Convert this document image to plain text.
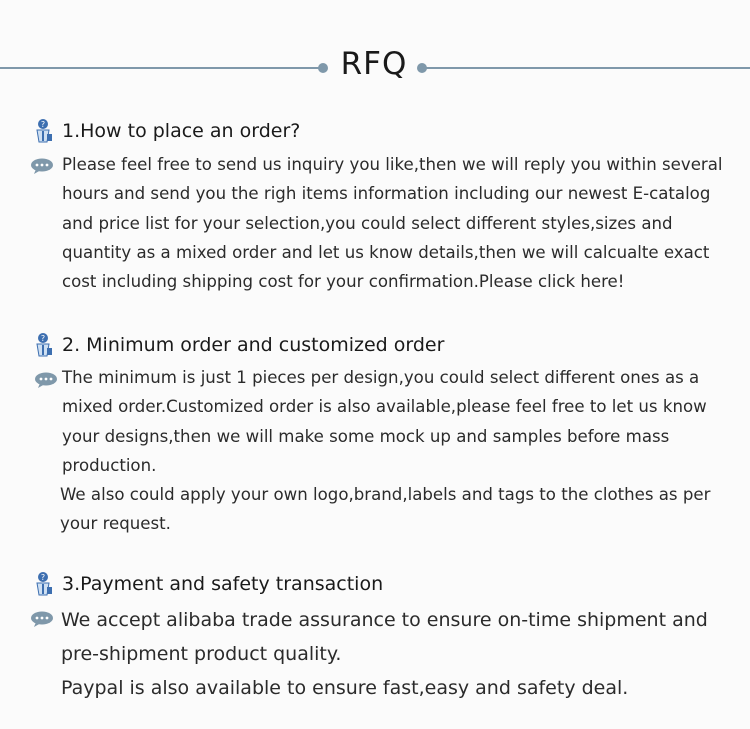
RFQ
? 1.How to place an order?

Please feel free to send us inquiry you like,then we will reply you within several
hours and send you the righ items information including our newest E-catalog
and price list for your selection,you could select different styles,sizes and
quantity as a mixed order and let us know details,then we will calcualte exact
cost including shipping cost for your confirmation.Please click here!

? 2. Minimum order and customized order

The minimum is just 1 pieces per design,you could select different ones as a
mixed order.Customized order is also available,please feel free to let us know
your designs,then we will make some mock up and samples before mass
production.

We also could apply your own logo,brand,labels and tags to the clothes as per
your request.

? 3.Payment and safety transaction

We accept alibaba trade assurance to ensure on-time shipment and
pre-shipment product quality.

Paypal is also available to ensure fast,easy and safety deal.
